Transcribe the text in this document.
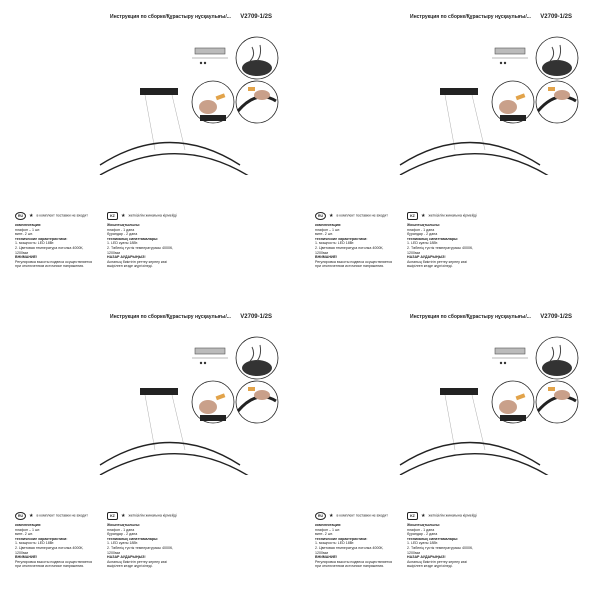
Инструкция по сборке/Құрастыру нұсқаулығы/... V2709-1/2S
RU ★ в комплект поставки не входит
комплектация:
плафон – 1 шт.
винт- 2 шт.
технические характеристики:
1. мощность: LED 18Вт.
2. Цветовая температура потолка 4000К,
1200мм
ВНИМАНИЕ!
Регулировка высоты подвеса осуществляется
при отключенном источнике напряжения.
KZ ★ жеткізілім жинағына кірмейді
Жиынтықтылығы:
плафон - 1 дана
бұрандар - 2 дана
техникалық сипаттамалары:
1. LED куаты 18Вт.
2. Төбенің түстік температурасы 4000К,
1200мм
НАЗАР АУДАРЫҢЫЗ!
Аспаның биіктігін реттеу кернеу көзі
өшірілген кезде жүргізіледі.
Инструкция по сборке/Құрастыру нұсқаулығы/... V2709-1/2S
RU ★ в комплект поставки не входит
комплектация:
плафон – 1 шт.
винт- 2 шт.
технические характеристики:
1. мощность: LED 18Вт.
2. Цветовая температура потолка 4000К,
1200мм
ВНИМАНИЕ!
Регулировка высоты подвеса осуществляется
при отключенном источнике напряжения.
KZ ★ жеткізілім жинағына кірмейді
Жиынтықтылығы:
плафон - 1 дана
бұрандар - 2 дана
техникалық сипаттамалары:
1. LED куаты 18Вт.
2. Төбенің түстік температурасы 4000К,
1200мм
НАЗАР АУДАРЫҢЫЗ!
Аспаның биіктігін реттеу кернеу көзі
өшірілген кезде жүргізіледі.
Инструкция по сборке/Құрастыру нұсқаулығы/... V2709-1/2S
RU ★ в комплект поставки не входит
комплектация:
плафон – 1 шт.
винт- 2 шт.
технические характеристики:
1. мощность: LED 18Вт.
2. Цветовая температура потолка 4000К,
1200мм
ВНИМАНИЕ!
Регулировка высоты подвеса осуществляется
при отключенном источнике напряжения.
KZ ★ жеткізілім жинағына кірмейді
Жиынтықтылығы:
плафон - 1 дана
бұрандар - 2 дана
техникалық сипаттамалары:
1. LED куаты 18Вт.
2. Төбенің түстік температурасы 4000К,
1200мм
НАЗАР АУДАРЫҢЫЗ!
Аспаның биіктігін реттеу кернеу көзі
өшірілген кезде жүргізіледі.
Инструкция по сборке/Құрастыру нұсқаулығы/... V2709-1/2S
RU ★ в комплект поставки не входит
комплектация:
плафон – 1 шт.
винт- 2 шт.
технические характеристики:
1. мощность: LED 18Вт.
2. Цветовая температура потолка 4000К,
1200мм
ВНИМАНИЕ!
Регулировка высоты подвеса осуществляется
при отключенном источнике напряжения.
KZ ★ жеткізілім жинағына кірмейді
Жиынтықтылығы:
плафон - 1 дана
бұрандар - 2 дана
техникалық сипаттамалары:
1. LED куаты 18Вт.
2. Төбенің түстік температурасы 4000К,
1200мм
НАЗАР АУДАРЫҢЫЗ!
Аспаның биіктігін реттеу кернеу көзі
өшірілген кезде жүргізіледі.
